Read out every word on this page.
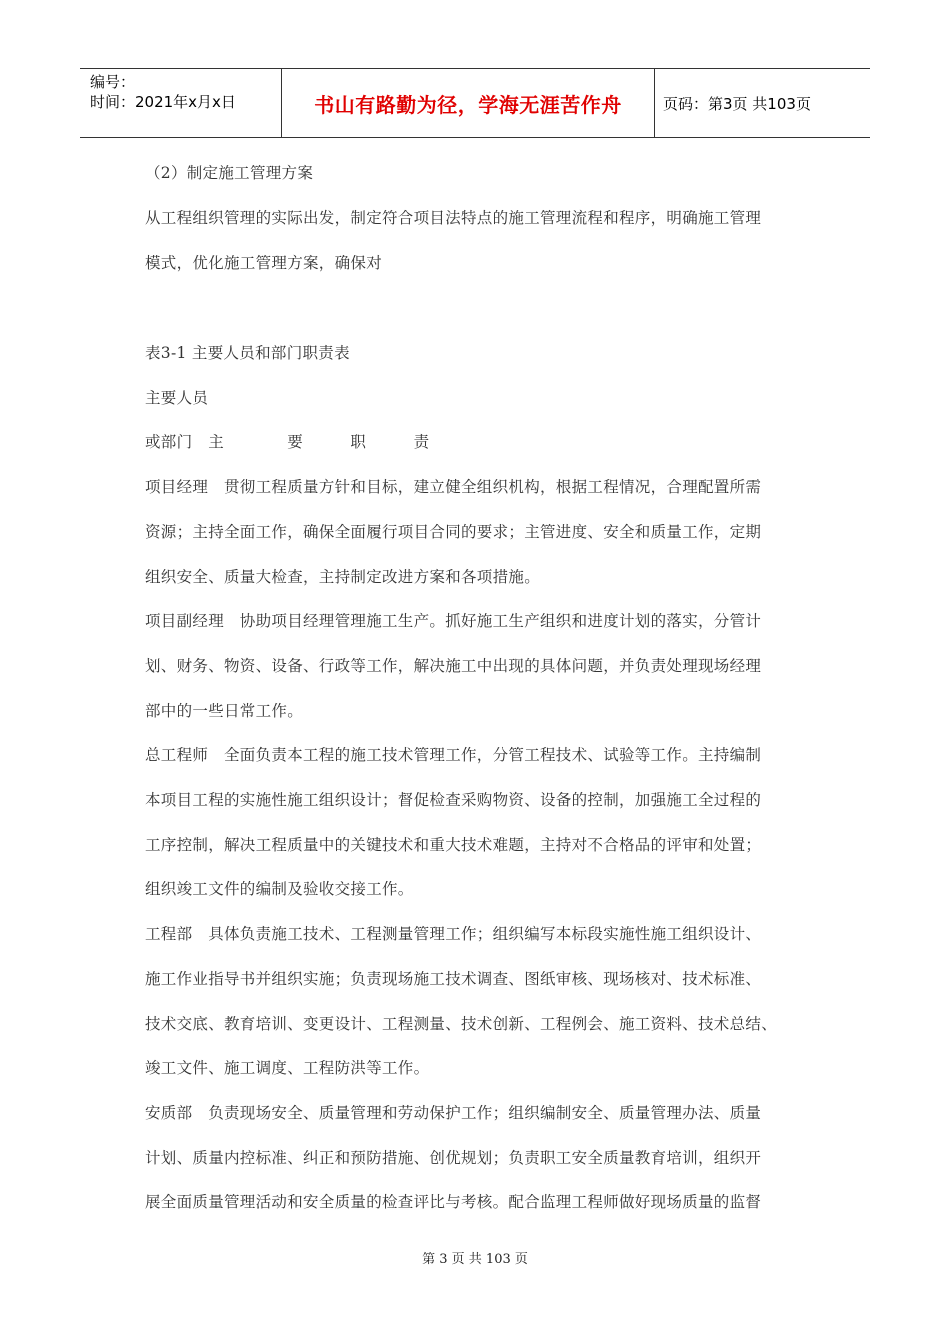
编号：
时间：2021年x月x日	书山有路勤为径，学海无涯苦作舟	页码：第3页 共103页
（2）制定施工管理方案
从工程组织管理的实际出发，制定符合项目法特点的施工管理流程和程序，明确施工管理
模式，优化施工管理方案，确保对
表3-1 主要人员和部门职责表
主要人员
或部门　主　　　　要　　　职　　　责
项目经理　贯彻工程质量方针和目标，建立健全组织机构，根据工程情况，合理配置所需
资源；主持全面工作，确保全面履行项目合同的要求；主管进度、安全和质量工作，定期
组织安全、质量大检查，主持制定改进方案和各项措施。
项目副经理　协助项目经理管理施工生产。抓好施工生产组织和进度计划的落实，分管计
划、财务、物资、设备、行政等工作，解决施工中出现的具体问题，并负责处理现场经理
部中的一些日常工作。
总工程师　全面负责本工程的施工技术管理工作，分管工程技术、试验等工作。主持编制
本项目工程的实施性施工组织设计；督促检查采购物资、设备的控制，加强施工全过程的
工序控制，解决工程质量中的关键技术和重大技术难题，主持对不合格品的评审和处置；
组织竣工文件的编制及验收交接工作。
工程部　具体负责施工技术、工程测量管理工作；组织编写本标段实施性施工组织设计、
施工作业指导书并组织实施；负责现场施工技术调查、图纸审核、现场核对、技术标准、
技术交底、教育培训、变更设计、工程测量、技术创新、工程例会、施工资料、技术总结、
竣工文件、施工调度、工程防洪等工作。
安质部　负责现场安全、质量管理和劳动保护工作；组织编制安全、质量管理办法、质量
计划、质量内控标准、纠正和预防措施、创优规划；负责职工安全质量教育培训，组织开
展全面质量管理活动和安全质量的检查评比与考核。配合监理工程师做好现场质量的监督
第 3 页 共 103 页
